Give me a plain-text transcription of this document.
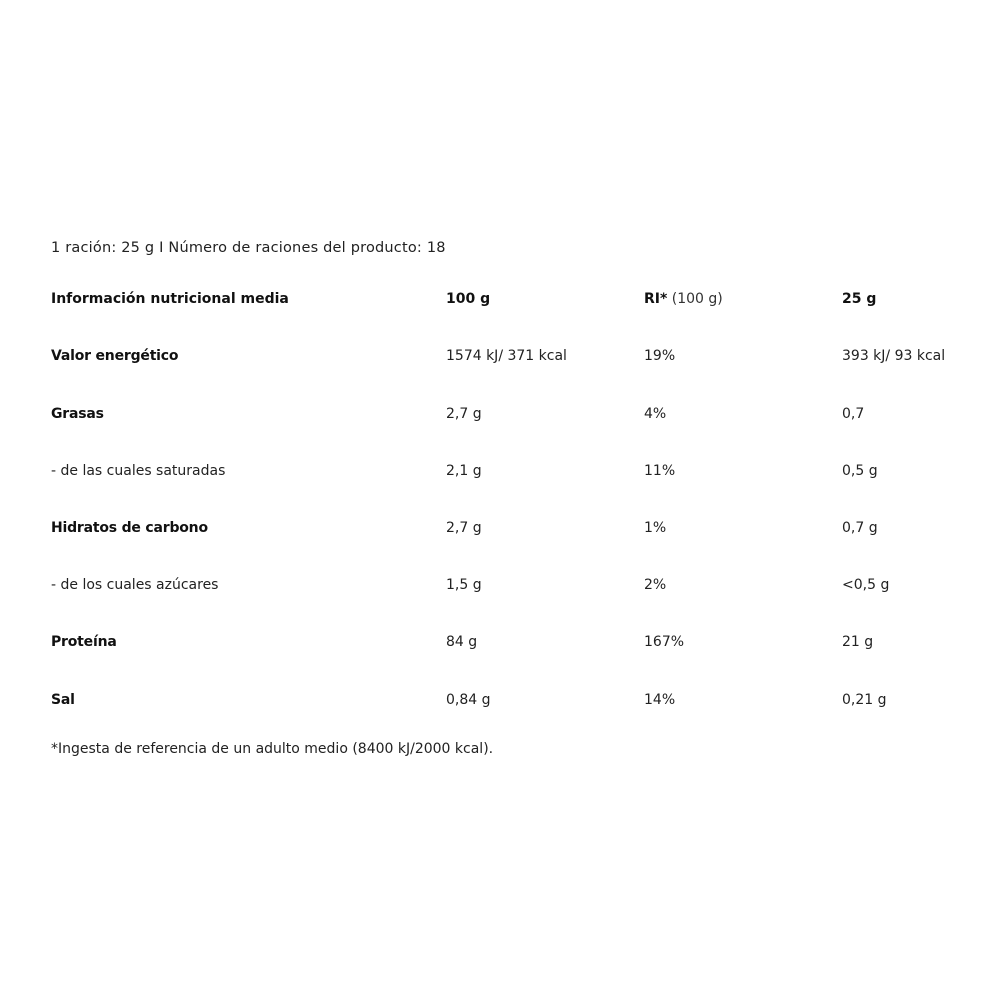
1 ración: 25 g I Número de raciones del producto: 18
Información nutricional media	100 g	RI* (100 g)	25 g
Valor energético	1574 kJ/ 371 kcal	19%	393 kJ/ 93 kcal
Grasas	2,7 g	4%	0,7
- de las cuales saturadas	2,1 g	11%	0,5 g
Hidratos de carbono	2,7 g	1%	0,7 g
- de los cuales azúcares	1,5 g	2%	<0,5 g
Proteína	84 g	167%	21 g
Sal	0,84 g	14%	0,21 g
*Ingesta de referencia de un adulto medio (8400 kJ/2000 kcal).
